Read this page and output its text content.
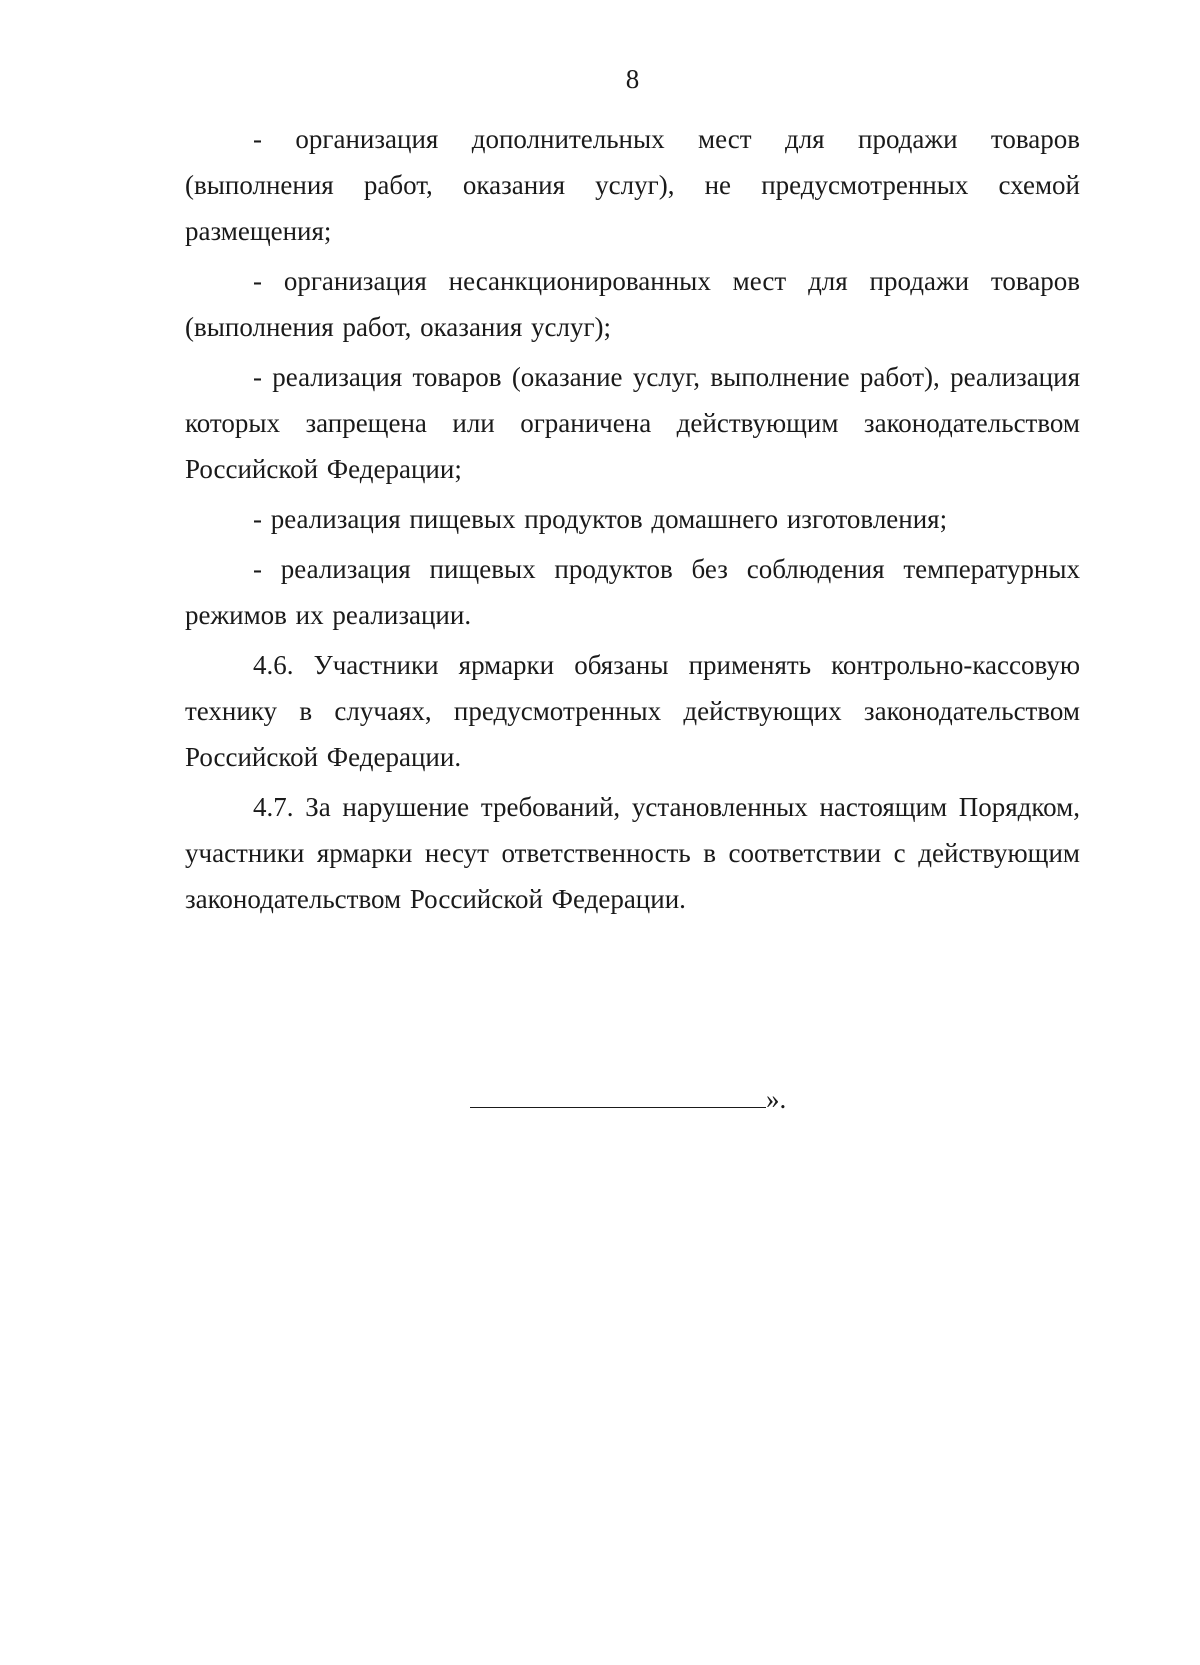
8

- организация дополнительных мест для продажи товаров (выполнения работ, оказания услуг), не предусмотренных схемой размещения;

- организация несанкционированных мест для продажи товаров (выполнения работ, оказания услуг);

- реализация товаров (оказание услуг, выполнение работ), реализация которых запрещена или ограничена действующим законодательством Российской Федерации;

- реализация пищевых продуктов домашнего изготовления;

- реализация пищевых продуктов без соблюдения температурных режимов их реализации.

4.6. Участники ярмарки обязаны применять контрольно-кассовую технику в случаях, предусмотренных действующих законодательством Российской Федерации.

4.7. За нарушение требований, установленных настоящим Порядком, участники ярмарки несут ответственность в соответствии с действующим законодательством Российской Федерации.

».
